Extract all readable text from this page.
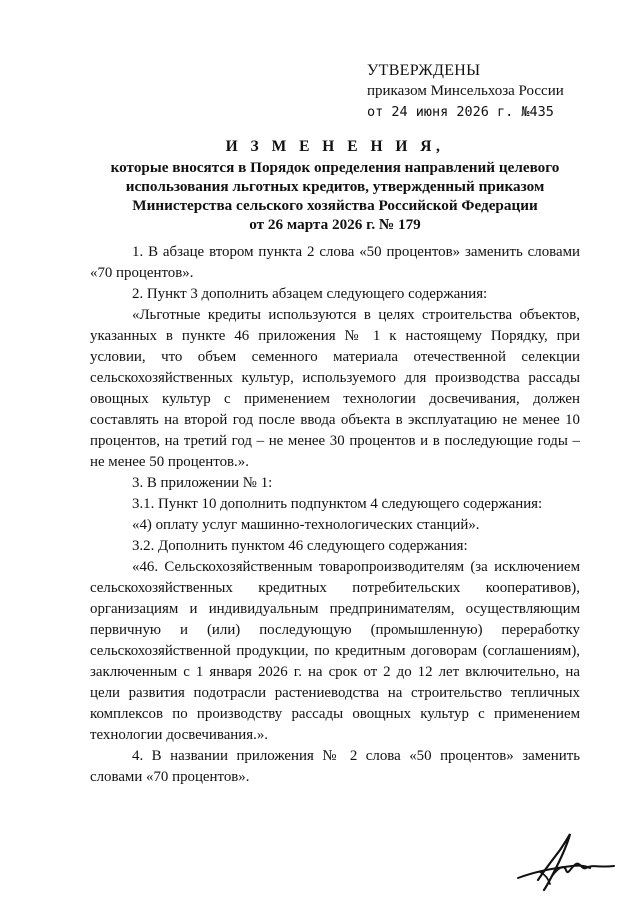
УТВЕРЖДЕНЫ
приказом Минсельхоза России
от 24 июня 2026 г. №435
И З М Е Н Е Н И Я,
которые вносятся в Порядок определения направлений целевого
использования льготных кредитов, утвержденный приказом
Министерства сельского хозяйства Российской Федерации
от 26 марта 2026 г. № 179

1. В абзаце втором пункта 2 слова «50 процентов» заменить словами «70 процентов».

2. Пункт 3 дополнить абзацем следующего содержания:

«Льготные кредиты используются в целях строительства объектов, указанных в пункте 46 приложения № 1 к настоящему Порядку, при условии, что объем семенного материала отечественной селекции сельскохозяйственных культур, используемого для производства рассады овощных культур с применением технологии досвечивания, должен составлять на второй год после ввода объекта в эксплуатацию не менее 10 процентов, на третий год – не менее 30 процентов и в последующие годы – не менее 50 процентов.».

3. В приложении № 1:

3.1. Пункт 10 дополнить подпунктом 4 следующего содержания:

«4) оплату услуг машинно-технологических станций».

3.2. Дополнить пунктом 46 следующего содержания:

«46. Сельскохозяйственным товаропроизводителям (за исключением сельскохозяйственных кредитных потребительских кооперативов), организациям и индивидуальным предпринимателям, осуществляющим первичную и (или) последующую (промышленную) переработку сельскохозяйственной продукции, по кредитным договорам (соглашениям), заключенным с 1 января 2026 г. на срок от 2 до 12 лет включительно, на цели развития подотрасли растениеводства на строительство тепличных комплексов по производству рассады овощных культур с применением технологии досвечивания.».

4. В названии приложения № 2 слова «50 процентов» заменить словами «70 процентов».
